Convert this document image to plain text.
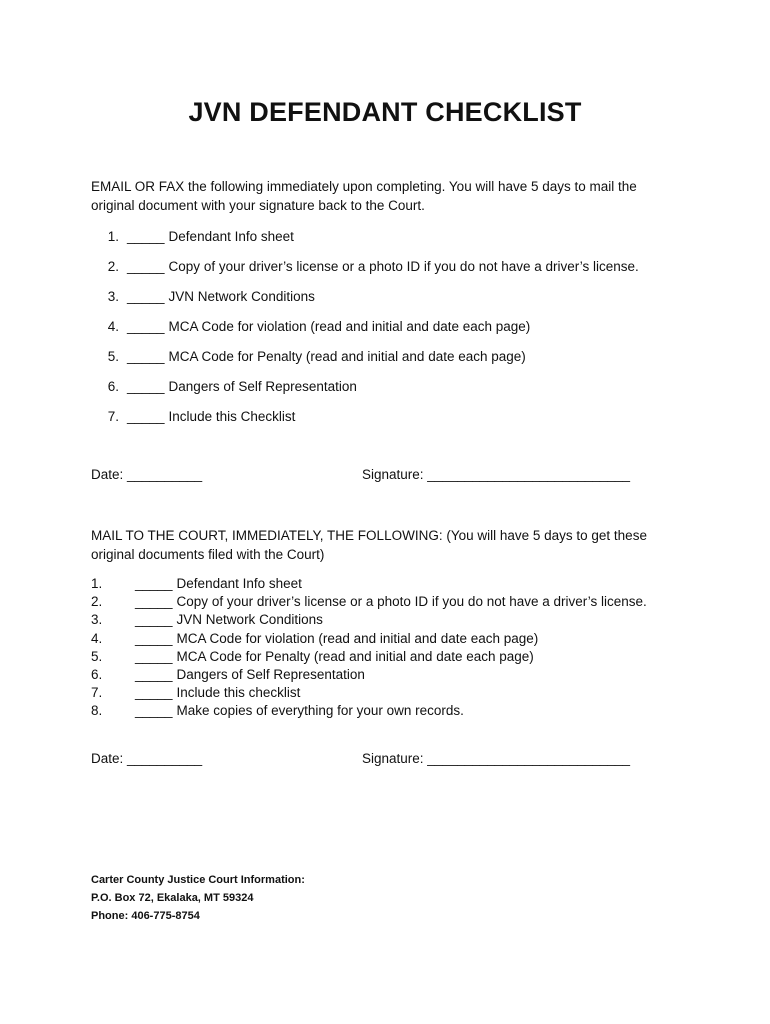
JVN DEFENDANT CHECKLIST
EMAIL OR FAX the following immediately upon completing. You will have 5 days to mail the
original document with your signature back to the Court.
1. _____ Defendant Info sheet
2. _____ Copy of your driver’s license or a photo ID if you do not have a driver’s license.
3. _____ JVN Network Conditions
4. _____ MCA Code for violation (read and initial and date each page)
5. _____ MCA Code for Penalty (read and initial and date each page)
6. _____ Dangers of Self Representation
7. _____ Include this Checklist
Date: __________	Signature: ___________________________
MAIL TO THE COURT, IMMEDIATELY, THE FOLLOWING: (You will have 5 days to get these
original documents filed with the Court)
1.	_____ Defendant Info sheet
2.	_____ Copy of your driver’s license or a photo ID if you do not have a driver’s license.
3.	_____ JVN Network Conditions
4.	_____ MCA Code for violation (read and initial and date each page)
5.	_____ MCA Code for Penalty (read and initial and date each page)
6.	_____ Dangers of Self Representation
7.	_____ Include this checklist
8.	_____ Make copies of everything for your own records.
Date: __________	Signature: ___________________________
Carter County Justice Court Information:
P.O. Box 72, Ekalaka, MT 59324
Phone: 406-775-8754
